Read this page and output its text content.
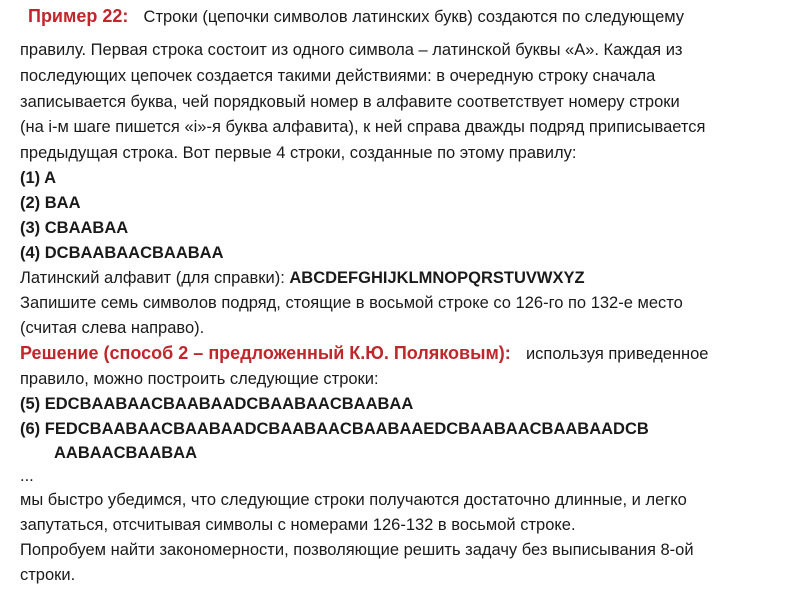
Пример 22: Строки (цепочки символов латинских букв) создаются по следующему
правилу. Первая строка состоит из одного символа – латинской буквы «А». Каждая из
последующих цепочек создается такими действиями: в очередную строку сначала
записывается буква, чей порядковый номер в алфавите соответствует номеру строки
(на i-м шаге пишется «i»-я буква алфавита), к ней справа дважды подряд приписывается
предыдущая строка. Вот первые 4 строки, созданные по этому правилу:
(1) A
(2) BAA
(3) CBAABAA
(4) DCBAABAACBAABAA
Латинский алфавит (для справки): ABCDEFGHIJKLMNOPQRSTUVWXYZ
Запишите семь символов подряд, стоящие в восьмой строке со 126-го по 132-е место
(считая слева направо).
Решение (способ 2 – предложенный К.Ю. Поляковым): используя приведенное
правило, можно построить следующие строки:
(5) EDCBAABAACBAABAADCBAABAACBAABAA
(6) FEDCBAABAACBAABAADCBAABAACBAABAAEDCBAABAACBAABAADCB
AABAACBAABAA
...
мы быстро убедимся, что следующие строки получаются достаточно длинные, и легко
запутаться, отсчитывая символы с номерами 126-132 в восьмой строке.
Попробуем найти закономерности, позволяющие решить задачу без выписывания 8-ой
строки.
